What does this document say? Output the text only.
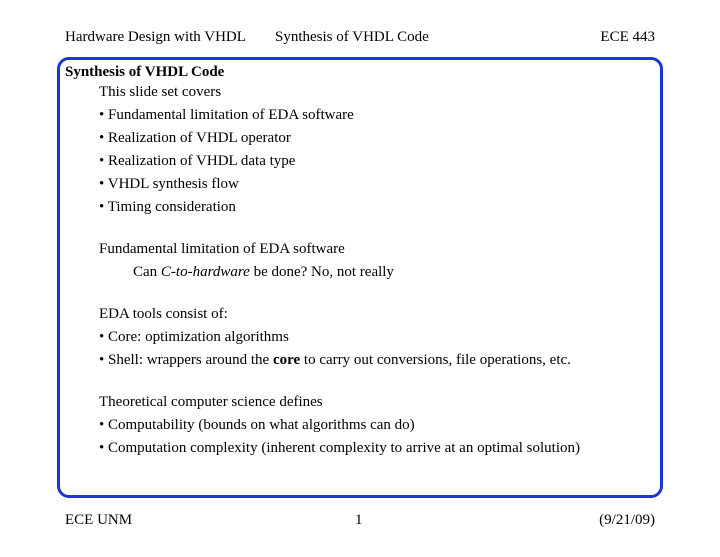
Hardware Design with VHDL Synthesis of VHDL Code	ECE 443

Synthesis of VHDL Code

This slide set covers

• Fundamental limitation of EDA software

• Realization of VHDL operator

• Realization of VHDL data type

• VHDL synthesis flow

• Timing consideration

Fundamental limitation of EDA software

Can C-to-hardware be done? No, not really

EDA tools consist of:

• Core: optimization algorithms

• Shell: wrappers around the core to carry out conversions, file operations, etc.

Theoretical computer science defines

• Computability (bounds on what algorithms can do)

• Computation complexity (inherent complexity to arrive at an optimal solution)

ECE UNM	1	(9/21/09)
